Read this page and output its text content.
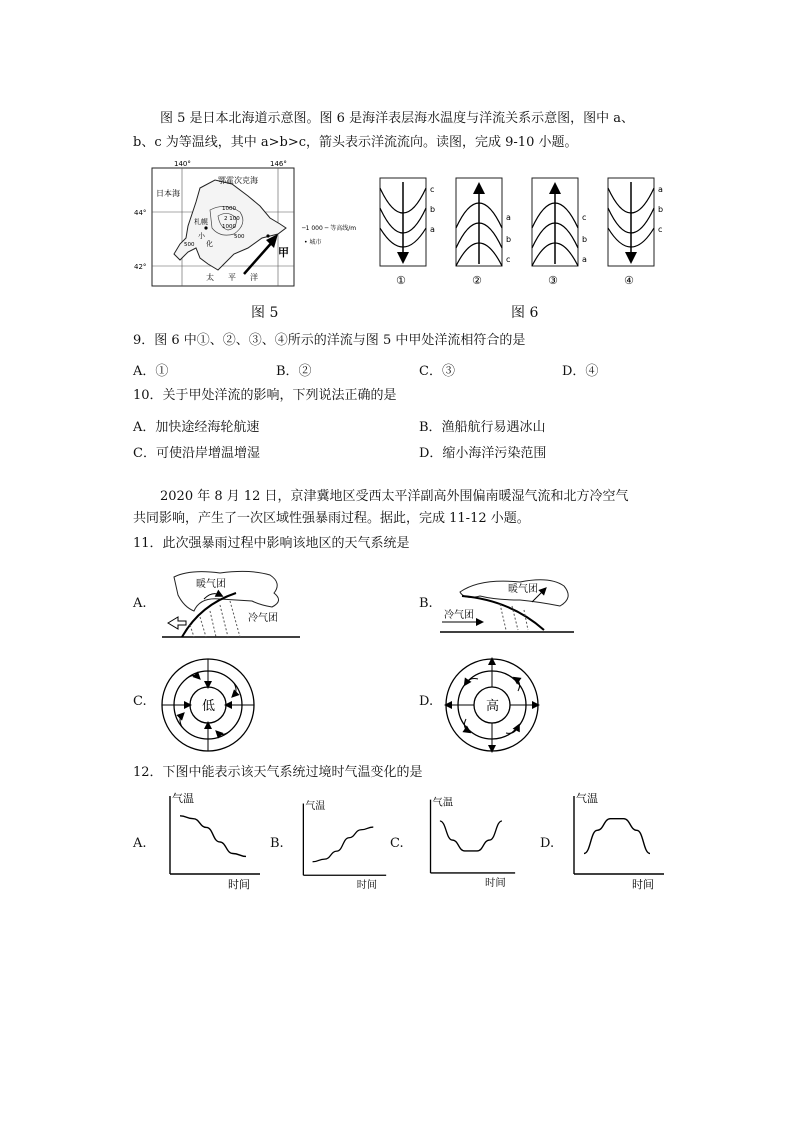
图 5 是日本北海道示意图。图 6 是海洋表层海水温度与洋流关系示意图，图中 a、
b、c 为等温线，其中 a>b>c，箭头表示洋流流向。读图，完成 9-10 小题。
140°	146°
44°
42°
鄂霍次克海
日本海
太 平 洋
札幌
小
化
1000
2 100
1000
500
500
甲
─1 000 ─ 等高线/m
• 城市
图 5
c
b
a
①
a
b
c
②
c
b
a
③
a
b
c
④
图 6
9．图 6 中①、②、③、④所示的洋流与图 5 中甲处洋流相符合的是
A．①	B．②	C．③	D．④
10．关于甲处洋流的影响，下列说法正确的是
A．加快途经海轮航速	B．渔船航行易遇冰山
C．可使沿岸增温增湿	D．缩小海洋污染范围
2020 年 8 月 12 日，京津冀地区受西太平洋副高外围偏南暖湿气流和北方冷空气
共同影响，产生了一次区域性强暴雨过程。据此，完成 11-12 小题。
11．此次强暴雨过程中影响该地区的天气系统是
A.
暖气团
冷气团
B.
暖气团
冷气团
C.	低	D.	高
12．下图中能表示该天气系统过境时气温变化的是
A.	B.	C.	D.
气温
时间
气温
时间
气温
时间
气温
时间
